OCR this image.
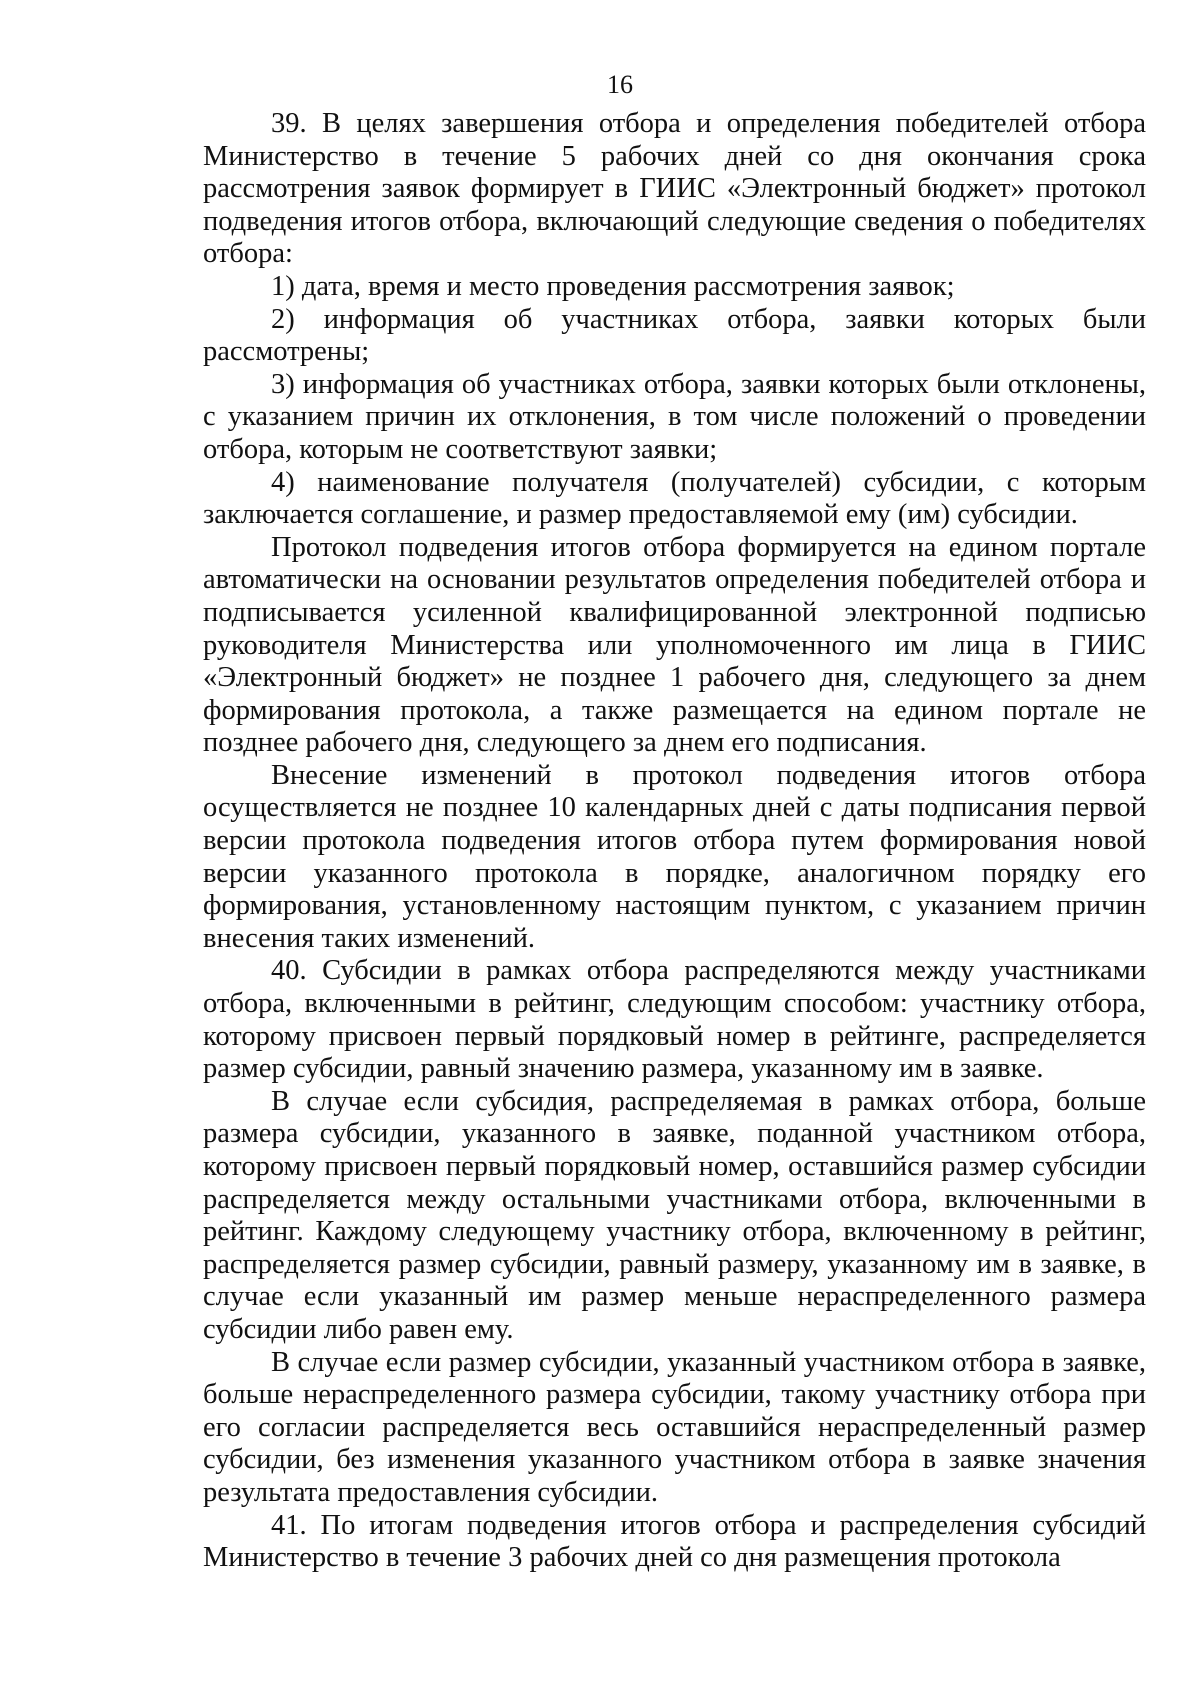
16

39. В целях завершения отбора и определения победителей отбора Министерство в течение 5 рабочих дней со дня окончания срока рассмотрения заявок формирует в ГИИС «Электронный бюджет» протокол подведения итогов отбора, включающий следующие сведения о победителях отбора:

1) дата, время и место проведения рассмотрения заявок;

2) информация об участниках отбора, заявки которых были рассмотрены;

3) информация об участниках отбора, заявки которых были отклонены, с указанием причин их отклонения, в том числе положений о проведении отбора, которым не соответствуют заявки;

4) наименование получателя (получателей) субсидии, с которым заключается соглашение, и размер предоставляемой ему (им) субсидии.

Протокол подведения итогов отбора формируется на едином портале автоматически на основании результатов определения победителей отбора и подписывается усиленной квалифицированной электронной подписью руководителя Министерства или уполномоченного им лица в ГИИС «Электронный бюджет» не позднее 1 рабочего дня, следующего за днем формирования протокола, а также размещается на едином портале не позднее рабочего дня, следующего за днем его подписания.

Внесение изменений в протокол подведения итогов отбора осуществляется не позднее 10 календарных дней с даты подписания первой версии протокола подведения итогов отбора путем формирования новой версии указанного протокола в порядке, аналогичном порядку его формирования, установленному настоящим пунктом, с указанием причин внесения таких изменений.

40. Субсидии в рамках отбора распределяются между участниками отбора, включенными в рейтинг, следующим способом: участнику отбора, которому присвоен первый порядковый номер в рейтинге, распределяется размер субсидии, равный значению размера, указанному им в заявке.

В случае если субсидия, распределяемая в рамках отбора, больше размера субсидии, указанного в заявке, поданной участником отбора, которому присвоен первый порядковый номер, оставшийся размер субсидии распределяется между остальными участниками отбора, включенными в рейтинг. Каждому следующему участнику отбора, включенному в рейтинг, распределяется размер субсидии, равный размеру, указанному им в заявке, в случае если указанный им размер меньше нераспределенного размера субсидии либо равен ему.

В случае если размер субсидии, указанный участником отбора в заявке, больше нераспределенного размера субсидии, такому участнику отбора при его согласии распределяется весь оставшийся нераспределенный размер субсидии, без изменения указанного участником отбора в заявке значения результата предоставления субсидии.

41. По итогам подведения итогов отбора и распределения субсидий Министерство в течение 3 рабочих дней со дня размещения протокола
